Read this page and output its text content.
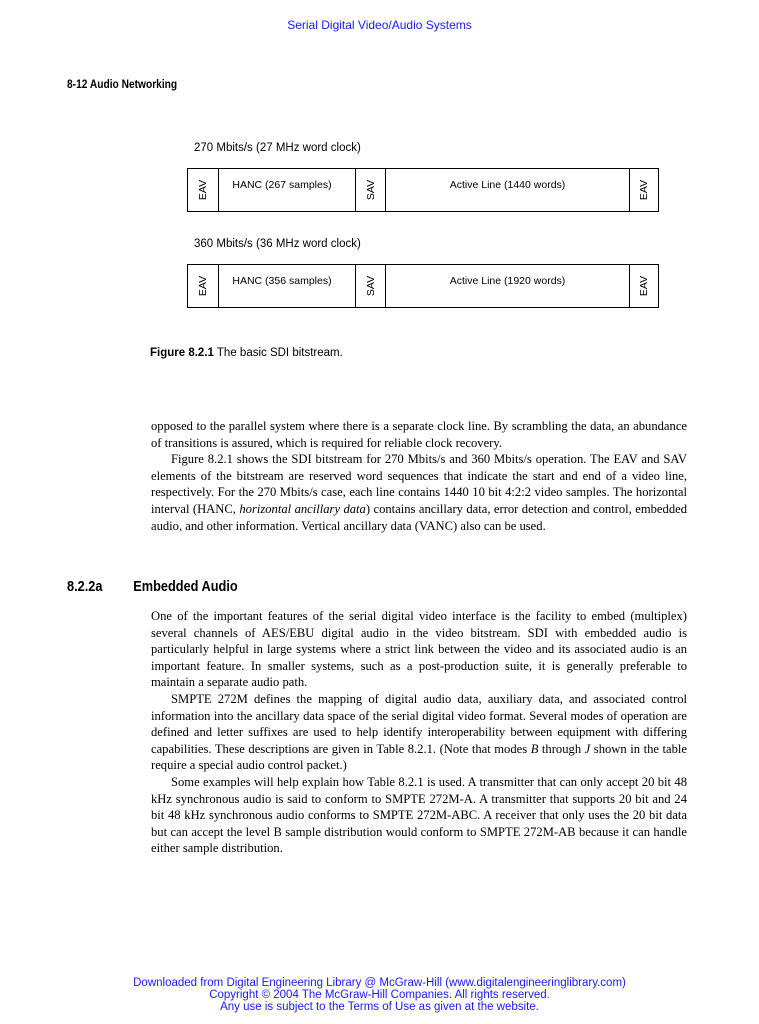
Serial Digital Video/Audio Systems
8-12 Audio Networking
270 Mbits/s (27 MHz word clock)
EAV HANC (267 samples)	SAV	Active Line (1440 words)	EAV
360 Mbits/s (36 MHz word clock)
EAV HANC (356 samples)	SAV	Active Line (1920 words)	EAV
Figure 8.2.1 The basic SDI bitstream.

opposed to the parallel system where there is a separate clock line. By scrambling the data, an abundance of transitions is assured, which is required for reliable clock recovery.

Figure 8.2.1 shows the SDI bitstream for 270 Mbits/s and 360 Mbits/s operation. The EAV and SAV elements of the bitstream are reserved word sequences that indicate the start and end of a video line, respectively. For the 270 Mbits/s case, each line contains 1440 10 bit 4:2:2 video samples. The horizontal interval (HANC, horizontal ancillary data) contains ancillary data, error detection and control, embedded audio, and other information. Vertical ancillary data (VANC) also can be used.

8.2.2a Embedded Audio

One of the important features of the serial digital video interface is the facility to embed (multiplex) several channels of AES/EBU digital audio in the video bitstream. SDI with embedded audio is particularly helpful in large systems where a strict link between the video and its associated audio is an important feature. In smaller systems, such as a post-production suite, it is generally preferable to maintain a separate audio path.

SMPTE 272M defines the mapping of digital audio data, auxiliary data, and associated control information into the ancillary data space of the serial digital video format. Several modes of operation are defined and letter suffixes are used to help identify interoperability between equipment with differing capabilities. These descriptions are given in Table 8.2.1. (Note that modes B through J shown in the table require a special audio control packet.)

Some examples will help explain how Table 8.2.1 is used. A transmitter that can only accept 20 bit 48 kHz synchronous audio is said to conform to SMPTE 272M-A. A transmitter that supports 20 bit and 24 bit 48 kHz synchronous audio conforms to SMPTE 272M-ABC. A receiver that only uses the 20 bit data but can accept the level B sample distribution would conform to SMPTE 272M-AB because it can handle either sample distribution.

Downloaded from Digital Engineering Library @ McGraw-Hill (www.digitalengineeringlibrary.com)
Copyright © 2004 The McGraw-Hill Companies. All rights reserved.
Any use is subject to the Terms of Use as given at the website.
